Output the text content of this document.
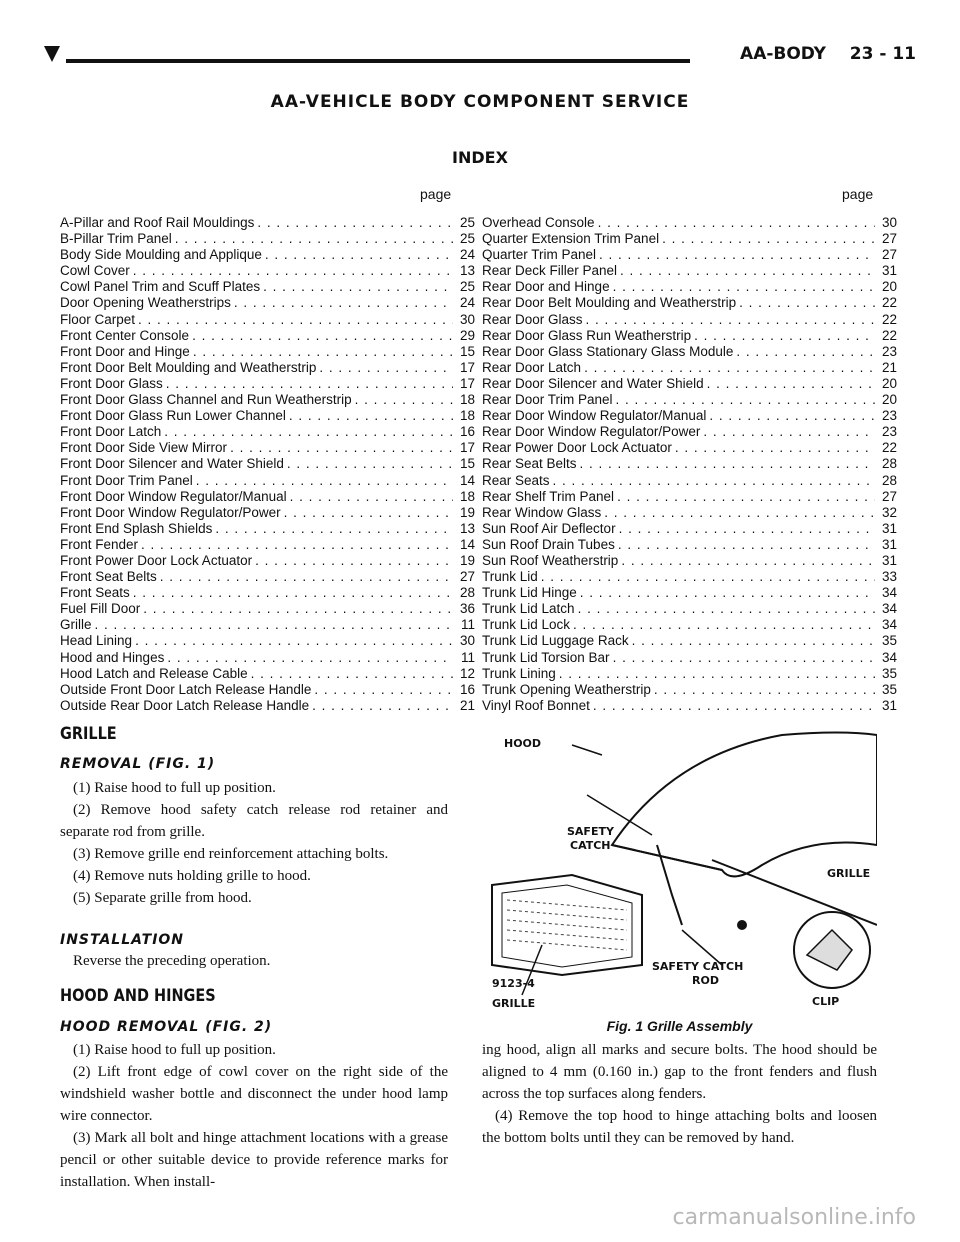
AA-BODY 23 - 11
AA-VEHICLE BODY COMPONENT SERVICE
INDEX
page	page
A-Pillar and Roof Rail Mouldings . . .	25
B-Pillar Trim Panel . . .	25
Body Side Moulding and Applique . . .	24
Cowl Cover . . .	13
Cowl Panel Trim and Scuff Plates . . .	25
Door Opening Weatherstrips . . .	24
Floor Carpet . . .	30
Front Center Console . . .	29
Front Door and Hinge . . .	15
Front Door Belt Moulding and Weatherstrip . . .	17
Front Door Glass . . .	17
Front Door Glass Channel and Run Weatherstrip . . .	18
Front Door Glass Run Lower Channel . . .	18
Front Door Latch . . .	16
Front Door Side View Mirror . . .	17
Front Door Silencer and Water Shield . . .	15
Front Door Trim Panel . . .	14
Front Door Window Regulator/Manual . . .	18
Front Door Window Regulator/Power . . .	19
Front End Splash Shields . . .	13
Front Fender . . .	14
Front Power Door Lock Actuator . . .	19
Front Seat Belts . . .	27
Front Seats . . .	28
Fuel Fill Door . . .	36
Grille . . .	11
Head Lining . . .	30
Hood and Hinges . . .	11
Hood Latch and Release Cable . . .	12
Outside Front Door Latch Release Handle . . .	16
Outside Rear Door Latch Release Handle . . .	21
Overhead Console . . .	30
Quarter Extension Trim Panel . . .	27
Quarter Trim Panel . . .	27
Rear Deck Filler Panel . . .	31
Rear Door and Hinge . . .	20
Rear Door Belt Moulding and Weatherstrip . . .	22
Rear Door Glass . . .	22
Rear Door Glass Run Weatherstrip . . .	22
Rear Door Glass Stationary Glass Module . . .	23
Rear Door Latch . . .	21
Rear Door Silencer and Water Shield . . .	20
Rear Door Trim Panel . . .	20
Rear Door Window Regulator/Manual . . .	23
Rear Door Window Regulator/Power . . .	23
Rear Power Door Lock Actuator . . .	22
Rear Seat Belts . . .	28
Rear Seats . . .	28
Rear Shelf Trim Panel . . .	27
Rear Window Glass . . .	32
Sun Roof Air Deflector . . .	31
Sun Roof Drain Tubes . . .	31
Sun Roof Weatherstrip . . .	31
Trunk Lid . . .	33
Trunk Lid Hinge . . .	34
Trunk Lid Latch . . .	34
Trunk Lid Lock . . .	34
Trunk Lid Luggage Rack . . .	35
Trunk Lid Torsion Bar . . .	34
Trunk Lining . . .	35
Trunk Opening Weatherstrip . . .	35
Vinyl Roof Bonnet . . .	31
GRILLE
REMOVAL (FIG. 1)

(1) Raise hood to full up position.

(2) Remove hood safety catch release rod retainer and separate rod from grille.

(3) Remove grille end reinforcement attaching bolts.

(4) Remove nuts holding grille to hood.

(5) Separate grille from hood.

INSTALLATION

Reverse the preceding operation.

HOOD AND HINGES
HOOD REMOVAL (FIG. 2)

(1) Raise hood to full up position.

(2) Lift front edge of cowl cover on the right side of the windshield washer bottle and disconnect the under hood lamp wire connector.

(3) Mark all bolt and hinge attachment locations with a grease pencil or other suitable device to provide reference marks for installation. When install-

ing hood, align all marks and secure bolts. The hood should be aligned to 4 mm (0.160 in.) gap to the front fenders and flush across the top surfaces along fenders.

(4) Remove the top hood to hinge attaching bolts and loosen the bottom bolts until they can be removed by hand.

HOOD
SAFETY
CATCH
GRILLE
GRILLE
SAFETY CATCH
ROD
CLIP
9123-4
Fig. 1 Grille Assembly
carmanualsonline.info
